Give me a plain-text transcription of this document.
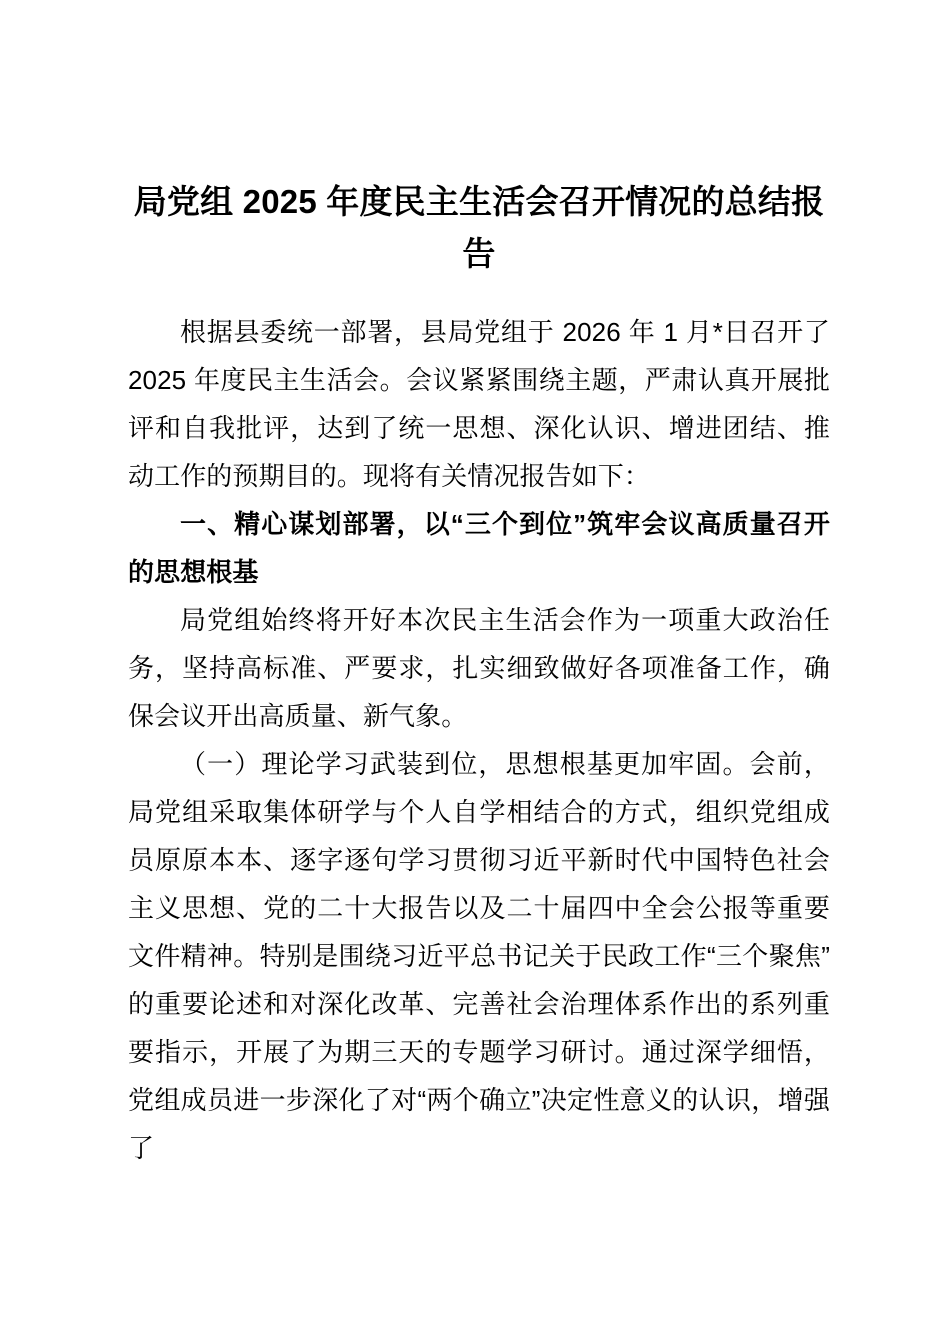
局党组 2025 年度民主生活会召开情况的总结报告

根据县委统一部署，县局党组于 2026 年 1 月*日召开了 2025 年度民主生活会。会议紧紧围绕主题，严肃认真开展批评和自我批评，达到了统一思想、深化认识、增进团结、推动工作的预期目的。现将有关情况报告如下：

一、精心谋划部署，以“三个到位”筑牢会议高质量召开的思想根基

局党组始终将开好本次民主生活会作为一项重大政治任务，坚持高标准、严要求，扎实细致做好各项准备工作，确保会议开出高质量、新气象。

（一）理论学习武装到位，思想根基更加牢固。会前，局党组采取集体研学与个人自学相结合的方式，组织党组成员原原本本、逐字逐句学习贯彻习近平新时代中国特色社会主义思想、党的二十大报告以及二十届四中全会公报等重要文件精神。特别是围绕习近平总书记关于民政工作“三个聚焦”的重要论述和对深化改革、完善社会治理体系作出的系列重要指示，开展了为期三天的专题学习研讨。通过深学细悟，党组成员进一步深化了对“两个确立”决定性意义的认识，增强了
